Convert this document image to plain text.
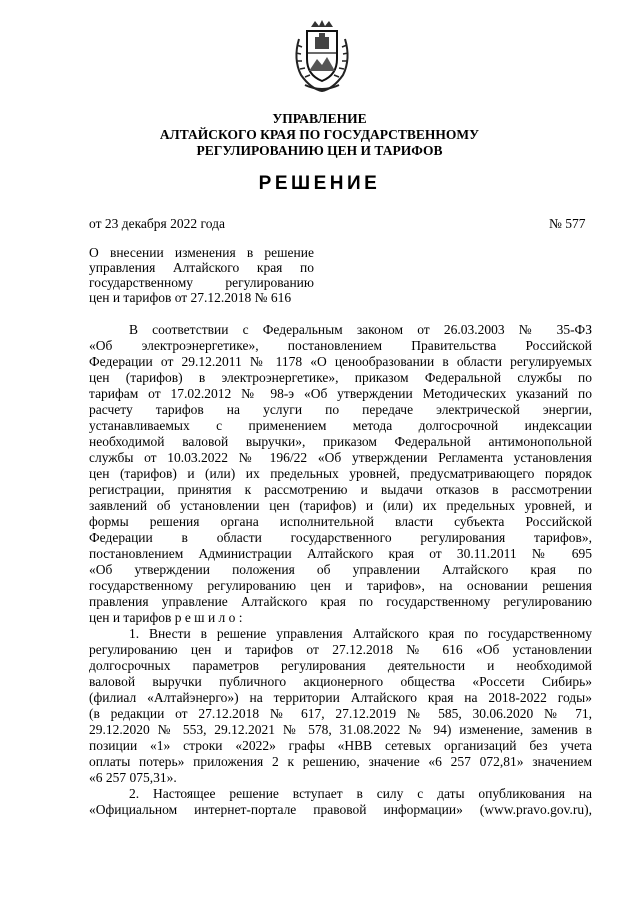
УПРАВЛЕНИЕ
АЛТАЙСКОГО КРАЯ ПО ГОСУДАРСТВЕННОМУ
РЕГУЛИРОВАНИЮ ЦЕН И ТАРИФОВ
РЕШЕНИЕ
от 23 декабря 2022 года	№ 577
О внесении изменения в решение
управления Алтайского края по
государственному регулированию
цен и тарифов от 27.12.2018 № 616
В соответствии с Федеральным законом от 26.03.2003 № 35-ФЗ
«Об электроэнергетике», постановлением Правительства Российской
Федерации от 29.12.2011 № 1178 «О ценообразовании в области регулируемых
цен (тарифов) в электроэнергетике», приказом Федеральной службы по
тарифам от 17.02.2012 № 98-э «Об утверждении Методических указаний по
расчету тарифов на услуги по передаче электрической энергии,
устанавливаемых с применением метода долгосрочной индексации
необходимой валовой выручки», приказом Федеральной антимонопольной
службы от 10.03.2022 № 196/22 «Об утверждении Регламента установления
цен (тарифов) и (или) их предельных уровней, предусматривающего порядок
регистрации, принятия к рассмотрению и выдачи отказов в рассмотрении
заявлений об установлении цен (тарифов) и (или) их предельных уровней, и
формы решения органа исполнительной власти субъекта Российской
Федерации в области государственного регулирования тарифов»,
постановлением Администрации Алтайского края от 30.11.2011 № 695
«Об утверждении положения об управлении Алтайского края по
государственному регулированию цен и тарифов», на основании решения
правления управление Алтайского края по государственному регулированию
цен и тарифов р е ш и л о :
1. Внести в решение управления Алтайского края по государственному
регулированию цен и тарифов от 27.12.2018 № 616 «Об установлении
долгосрочных параметров регулирования деятельности и необходимой
валовой выручки публичного акционерного общества «Россети Сибирь»
(филиал «Алтайэнерго») на территории Алтайского края на 2018-2022 годы»
(в редакции от 27.12.2018 № 617, 27.12.2019 № 585, 30.06.2020 № 71,
29.12.2020 № 553, 29.12.2021 № 578, 31.08.2022 № 94) изменение, заменив в
позиции «1» строки «2022» графы «НВВ сетевых организаций без учета
оплаты потерь» приложения 2 к решению, значение «6 257 072,81» значением
«6 257 075,31».
2. Настоящее решение вступает в силу с даты опубликования на
«Официальном интернет-портале правовой информации» (www.pravo.gov.ru),
